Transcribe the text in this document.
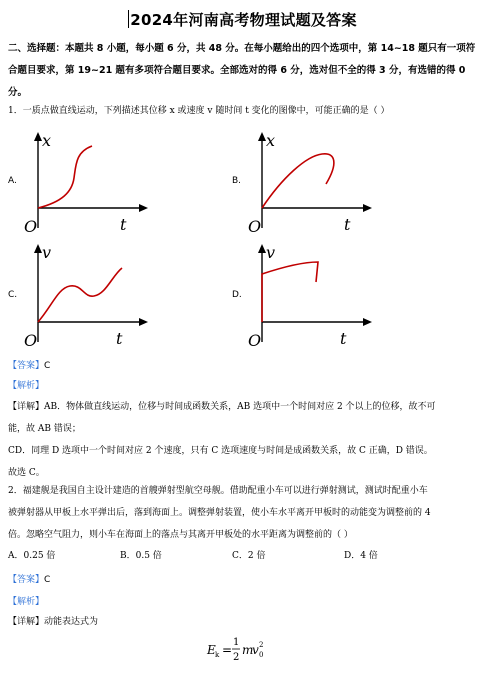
2024年河南高考物理试题及答案
二、选择题：本题共 8 小题，每小题 6 分，共 48 分。在每小题给出的四个选项中，第 14~18 题只有一项符
合题目要求，第 19~21 题有多项符合题目要求。全部选对的得 6 分，选对但不全的得 3 分，有选错的得 0
分。
1．一质点做直线运动，下列描述其位移 x 或速度 v 随时间 t 变化的图像中，可能正确的是（ ）
A.
x
t
O
B.
x
t
O
C.
v
t
O
D.
v
t
O
【答案】C
【解析】
【详解】AB．物体做直线运动，位移与时间成函数关系，AB 选项中一个时间对应 2 个以上的位移，故不可
能，故 AB 错误；
CD．同理 D 选项中一个时间对应 2 个速度，只有 C 选项速度与时间是成函数关系，故 C 正确，D 错误。
故选 C。
2．福建舰是我国自主设计建造的首艘弹射型航空母舰。借助配重小车可以进行弹射测试，测试时配重小车
被弹射器从甲板上水平弹出后，落到海面上。调整弹射装置，使小车水平离开甲板时的动能变为调整前的 4
倍。忽略空气阻力，则小车在海面上的落点与其离开甲板处的水平距离为调整前的（ ）
A．0.25 倍	B．0.5 倍	C．2 倍	D．4 倍
【答案】C
【解析】
【详解】动能表达式为
E k =
1
2
m
v 0
2
